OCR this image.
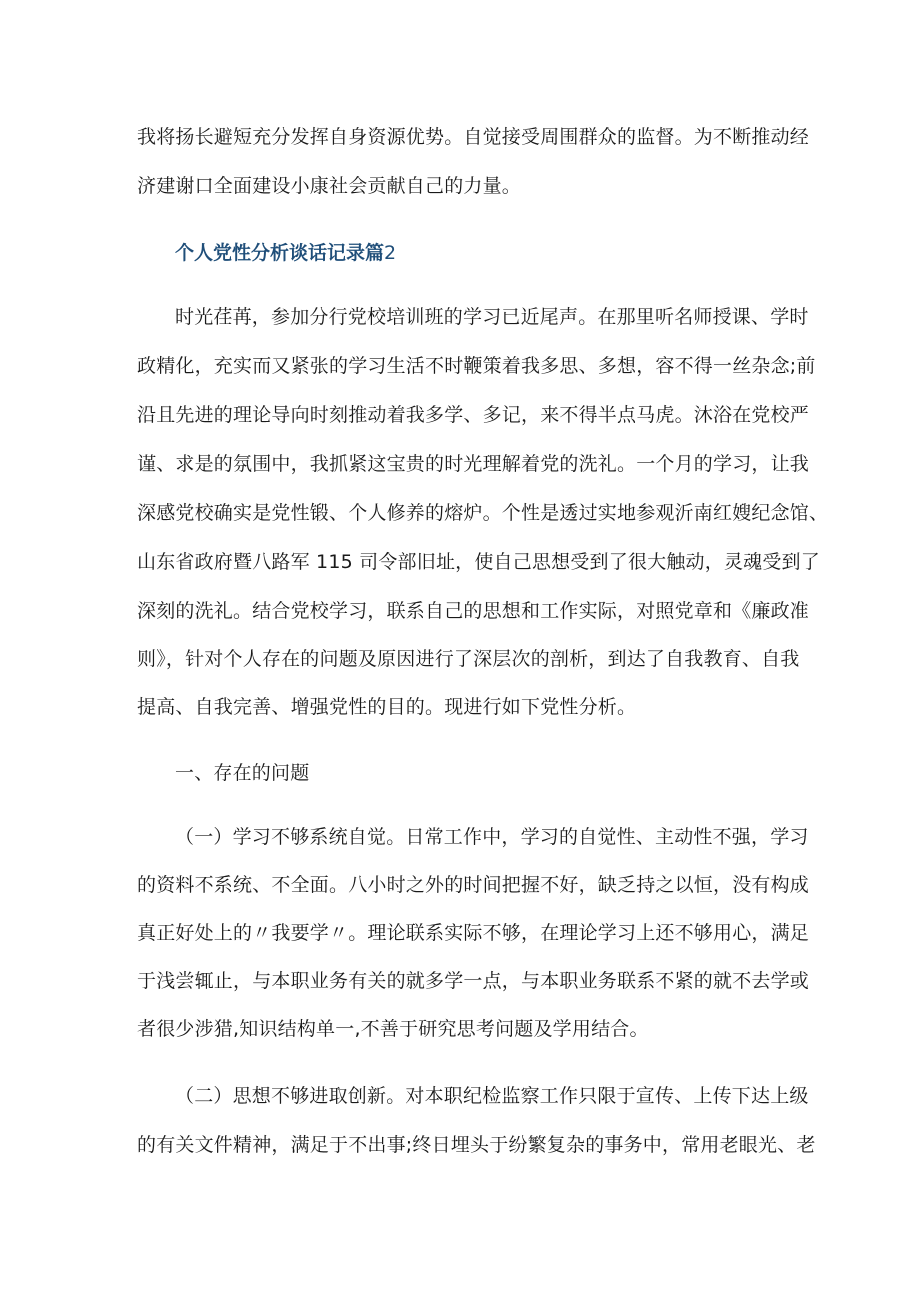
我将扬长避短充分发挥自身资源优势。自觉接受周围群众的监督。为不断推动经
济建谢口全面建设小康社会贡献自己的力量。
个人党性分析谈话记录篇2
时光荏苒，参加分行党校培训班的学习已近尾声。在那里听名师授课、学时
政精化，充实而又紧张的学习生活不时鞭策着我多思、多想，容不得一丝杂念;前
沿且先进的理论导向时刻推动着我多学、多记，来不得半点马虎。沐浴在党校严
谨、求是的氛围中，我抓紧这宝贵的时光理解着党的洗礼。一个月的学习，让我
深感党校确实是党性锻、个人修养的熔炉。个性是透过实地参观沂南红嫂纪念馆、
山东省政府暨八路军 115 司令部旧址，使自己思想受到了很大触动，灵魂受到了
深刻的洗礼。结合党校学习，联系自己的思想和工作实际，对照党章和《廉政准
则》，针对个人存在的问题及原因进行了深层次的剖析，到达了自我教育、自我
提高、自我完善、增强党性的目的。现进行如下党性分析。
一、存在的问题
（一）学习不够系统自觉。日常工作中，学习的自觉性、主动性不强，学习
的资料不系统、不全面。八小时之外的时间把握不好，缺乏持之以恒，没有构成
真正好处上的〃我要学〃。理论联系实际不够，在理论学习上还不够用心，满足
于浅尝辄止，与本职业务有关的就多学一点，与本职业务联系不紧的就不去学或
者很少涉猎,知识结构单一,不善于研究思考问题及学用结合。
（二）思想不够进取创新。对本职纪检监察工作只限于宣传、上传下达上级
的有关文件精神，满足于不出事;终日埋头于纷繁复杂的事务中，常用老眼光、老
